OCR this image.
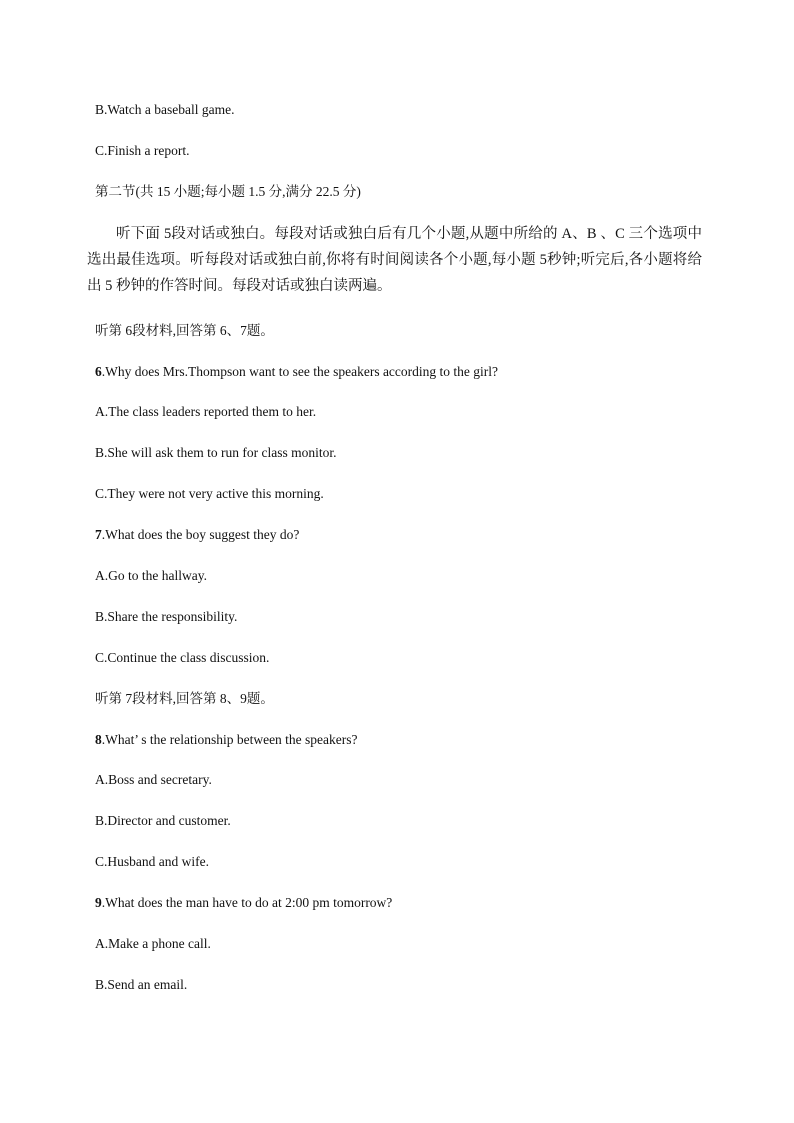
B.Watch a baseball game.
C.Finish a report.
第二节(共 15 小题;每小题 1.5 分,满分 22.5 分)
听下面 5段对话或独白。每段对话或独白后有几个小题,从题中所给的 A、B 、C 三个选项中选出最佳选项。听每段对话或独白前,你将有时间阅读各个小题,每小题 5秒钟;听完后,各小题将给出 5 秒钟的作答时间。每段对话或独白读两遍。
听第 6段材料,回答第 6、7题。
6.Why does Mrs.Thompson want to see the speakers according to the girl?
A.The class leaders reported them to her.
B.She will ask them to run for class monitor.
C.They were not very active this morning.
7.What does the boy suggest they do?
A.Go to the hallway.
B.Share the responsibility.
C.Continue the class discussion.
听第 7段材料,回答第 8、9题。
8.What’ s the relationship between the speakers?
A.Boss and secretary.
B.Director and customer.
C.Husband and wife.
9.What does the man have to do at 2:00 pm tomorrow?
A.Make a phone call.
B.Send an email.
